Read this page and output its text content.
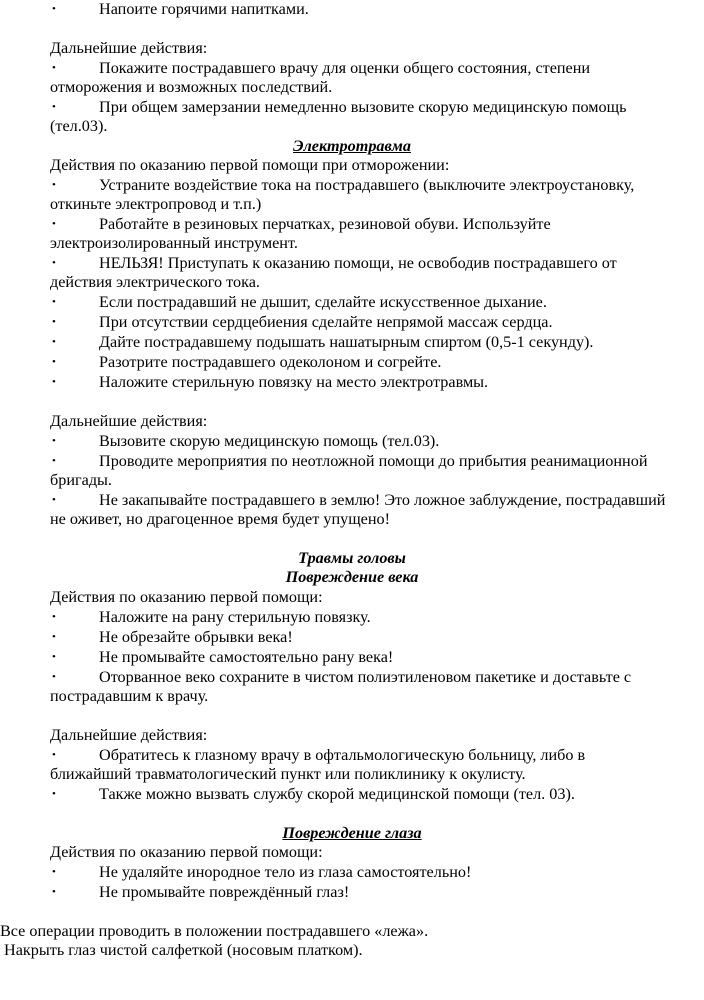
•	Напоите горячими напитками.
Дальнейшие действия:
•	Покажите пострадавшего врачу для оценки общего состояния, степени
отморожения и возможных последствий.
•	При общем замерзании немедленно вызовите скорую медицинскую помощь
(тел.03).
Электротравма
Действия по оказанию первой помощи при отморожении:
•	Устраните воздействие тока на пострадавшего (выключите электроустановку,
откиньте электропровод и т.п.)
•	Работайте в резиновых перчатках, резиновой обуви. Используйте
электроизолированный инструмент.
•	НЕЛЬЗЯ! Приступать к оказанию помощи, не освободив пострадавшего от
действия электрического тока.
•	Если пострадавший не дышит, сделайте искусственное дыхание.
•	При отсутствии сердцебиения сделайте непрямой массаж сердца.
•	Дайте пострадавшему подышать нашатырным спиртом (0,5-1 секунду).
•	Разотрите пострадавшего одеколоном и согрейте.
•	Наложите стерильную повязку на место электротравмы.
Дальнейшие действия:
•	Вызовите скорую медицинскую помощь (тел.03).
•	Проводите мероприятия по неотложной помощи до прибытия реанимационной
бригады.
•	Не закапывайте пострадавшего в землю! Это ложное заблуждение, пострадавший
не оживет, но драгоценное время будет упущено!
Травмы головы
Повреждение века
Действия по оказанию первой помощи:
•	Наложите на рану стерильную повязку.
•	Не обрезайте обрывки века!
•	Не промывайте самостоятельно рану века!
•	Оторванное веко сохраните в чистом полиэтиленовом пакетике и доставьте с
пострадавшим к врачу.
Дальнейшие действия:
•	Обратитесь к глазному врачу в офтальмологическую больницу, либо в
ближайший травматологический пункт или поликлинику к окулисту.
•	Также можно вызвать службу скорой медицинской помощи (тел. 03).
Повреждение глаза
Действия по оказанию первой помощи:
•	Не удаляйте инородное тело из глаза самостоятельно!
•	Не промывайте повреждённый глаз!
Все операции проводить в положении пострадавшего «лежа».
Накрыть глаз чистой салфеткой (носовым платком).
